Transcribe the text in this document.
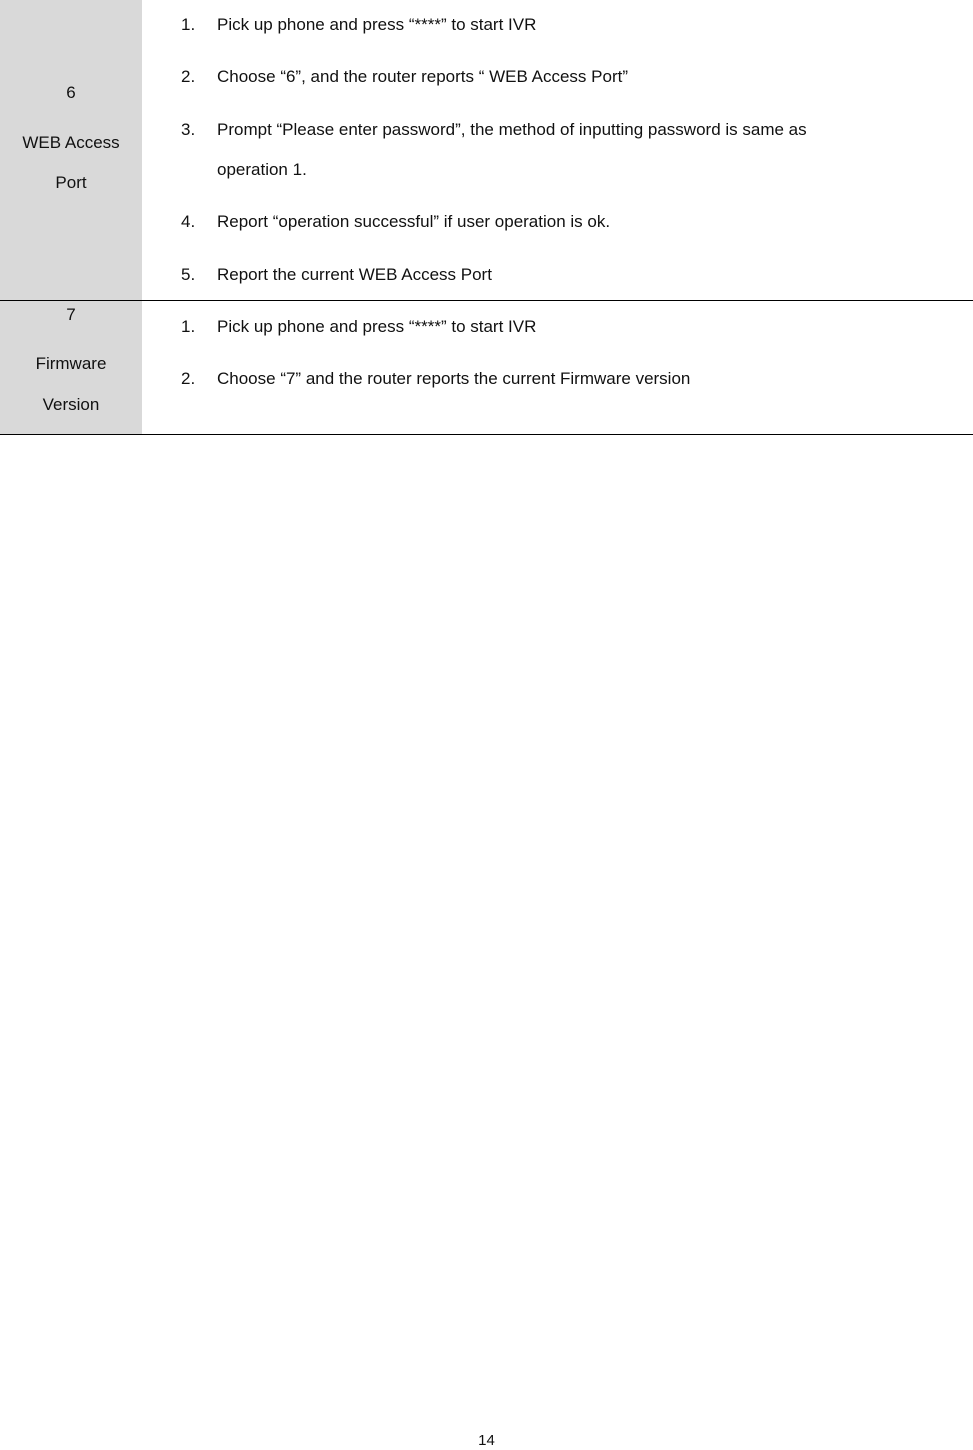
6
WEB Access
Port
1. Pick up phone and press “****” to start IVR
2. Choose “6”, and the router reports “ WEB Access Port”
3. Prompt “Please enter password”, the method of inputting password is same as
operation 1.
4. Report “operation successful” if user operation is ok.
5. Report the current WEB Access Port
7
Firmware
Version
1. Pick up phone and press “****” to start IVR
2. Choose “7” and the router reports the current Firmware version
14
